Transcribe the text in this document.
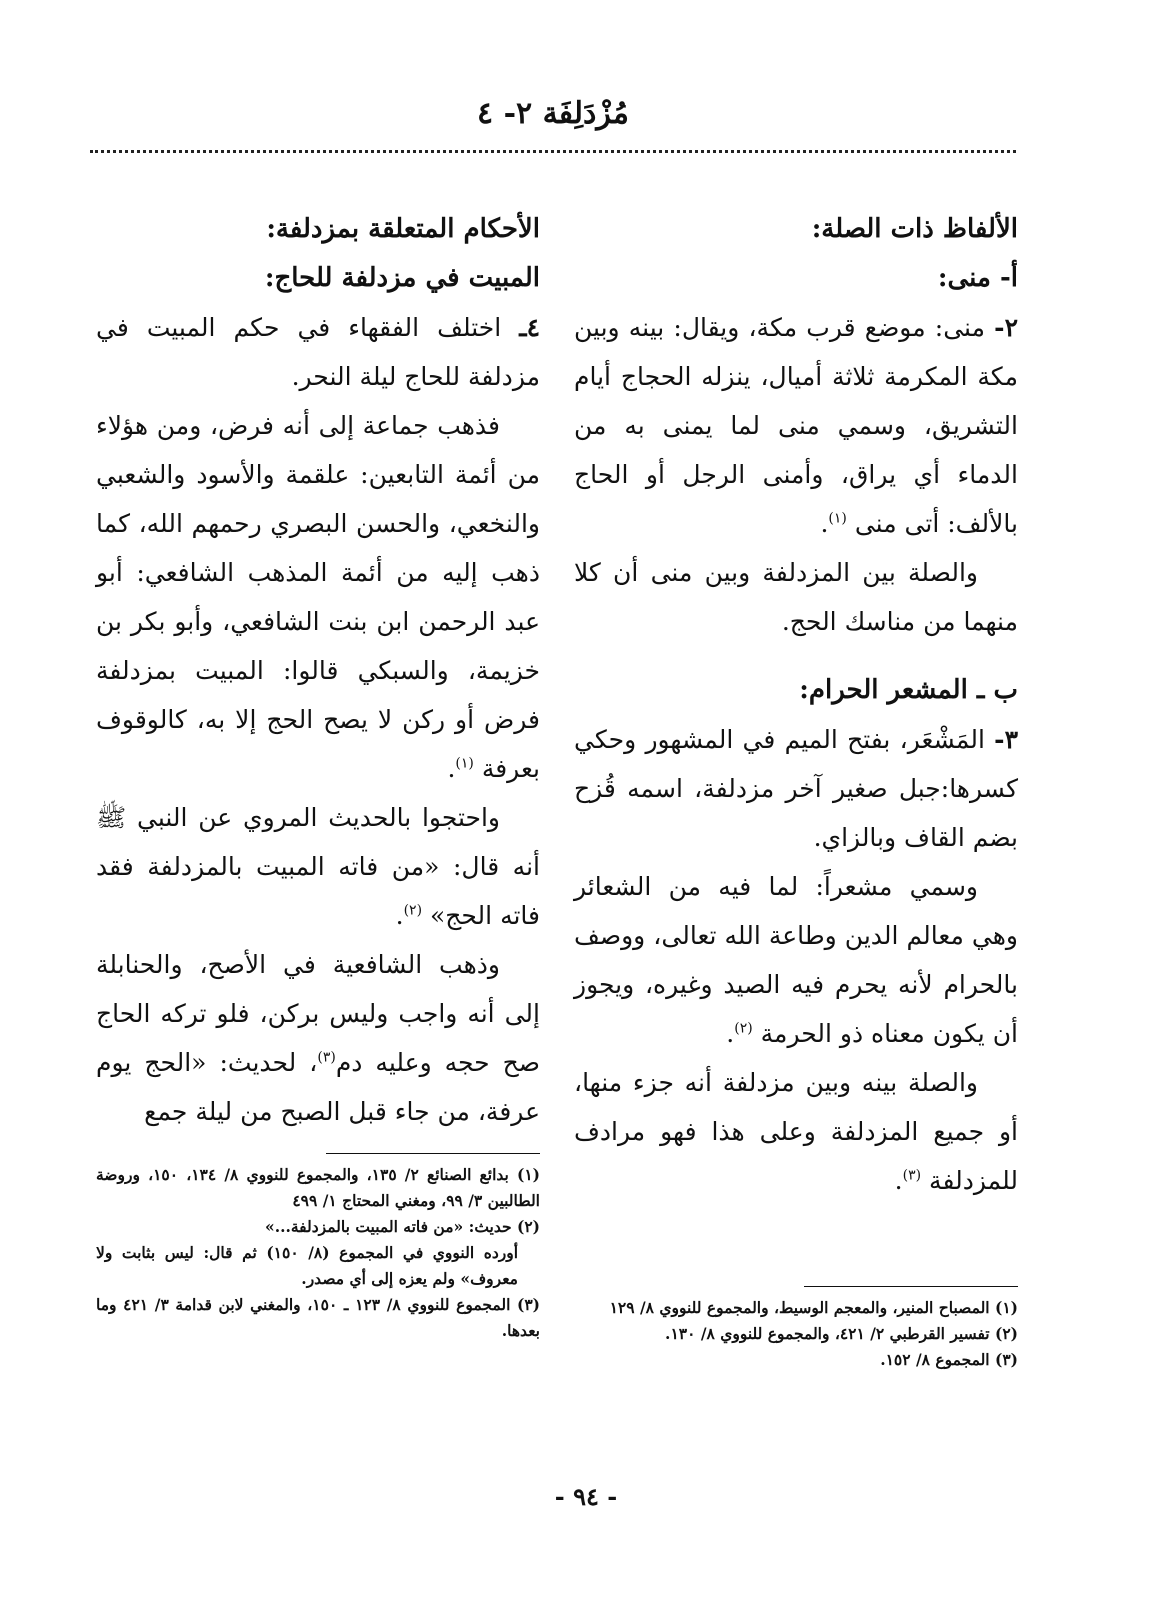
مُزْدَلِفَة ٢- ٤
الألفاظ ذات الصلة:
أ- منى:

٢- منى: موضع قرب مكة، ويقال: بينه وبين مكة المكرمة ثلاثة أميال، ينزله الحجاج أيام التشريق، وسمي منى لما يمنى به من الدماء أي يراق، وأمنى الرجل أو الحاج بالألف: أتى منى $^{(١)}$.

والصلة بين المزدلفة وبين منى أن كلا منهما من مناسك الحج.

ب ـ المشعر الحرام:

٣- المَشْعَر، بفتح الميم في المشهور وحكي كسرها:جبل صغير آخر مزدلفة، اسمه قُزح بضم القاف وبالزاي.

وسمي مشعراً: لما فيه من الشعائر وهي معالم الدين وطاعة الله تعالى، ووصف بالحرام لأنه يحرم فيه الصيد وغيره، ويجوز أن يكون معناه ذو الحرمة $^{(٢)}$.

والصلة بينه وبين مزدلفة أنه جزء منها، أو جميع المزدلفة وعلى هذا فهو مرادف للمزدلفة $^{(٣)}$.

(١) المصباح المنير، والمعجم الوسيط، والمجموع للنووي ٨/ ١٢٩

(٢) تفسير القرطبي ٢/ ٤٢١، والمجموع للنووي ٨/ ١٣٠.

(٣) المجموع ٨/ ١٥٢.

الأحكام المتعلقة بمزدلفة:
المبيت في مزدلفة للحاج:

٤ـ اختلف الفقهاء في حكم المبيت في مزدلفة للحاج ليلة النحر.

فذهب جماعة إلى أنه فرض، ومن هؤلاء من أئمة التابعين: علقمة والأسود والشعبي والنخعي، والحسن البصري رحمهم الله، كما ذهب إليه من أئمة المذهب الشافعي: أبو عبد الرحمن ابن بنت الشافعي، وأبو بكر بن خزيمة، والسبكي قالوا: المبيت بمزدلفة فرض أو ركن لا يصح الحج إلا به، كالوقوف بعرفة $^{(١)}$.

واحتجوا بالحديث المروي عن النبي ﷺ أنه قال: «من فاته المبيت بالمزدلفة فقد فاته الحج» $^{(٢)}$.

وذهب الشافعية في الأصح، والحنابلة إلى أنه واجب وليس بركن، فلو تركه الحاج صح حجه وعليه دم$^{(٣)}$، لحديث: «الحج يوم عرفة، من جاء قبل الصبح من ليلة جمع

(١) بدائع الصنائع ٢/ ١٣٥، والمجموع للنووي ٨/ ١٣٤، ١٥٠، وروضة الطالبين ٣/ ٩٩، ومغني المحتاج ١/ ٤٩٩

(٢) حديث: «من فاته المبيت بالمزدلفة...»

أورده النووي في المجموع (٨/ ١٥٠) ثم قال: ليس بثابت ولا معروف» ولم يعزه إلى أي مصدر.

(٣) المجموع للنووي ٨/ ١٢٣ ـ ١٥٠، والمغني لابن قدامة ٣/ ٤٢١ وما بعدها.

- ٩٤ -
